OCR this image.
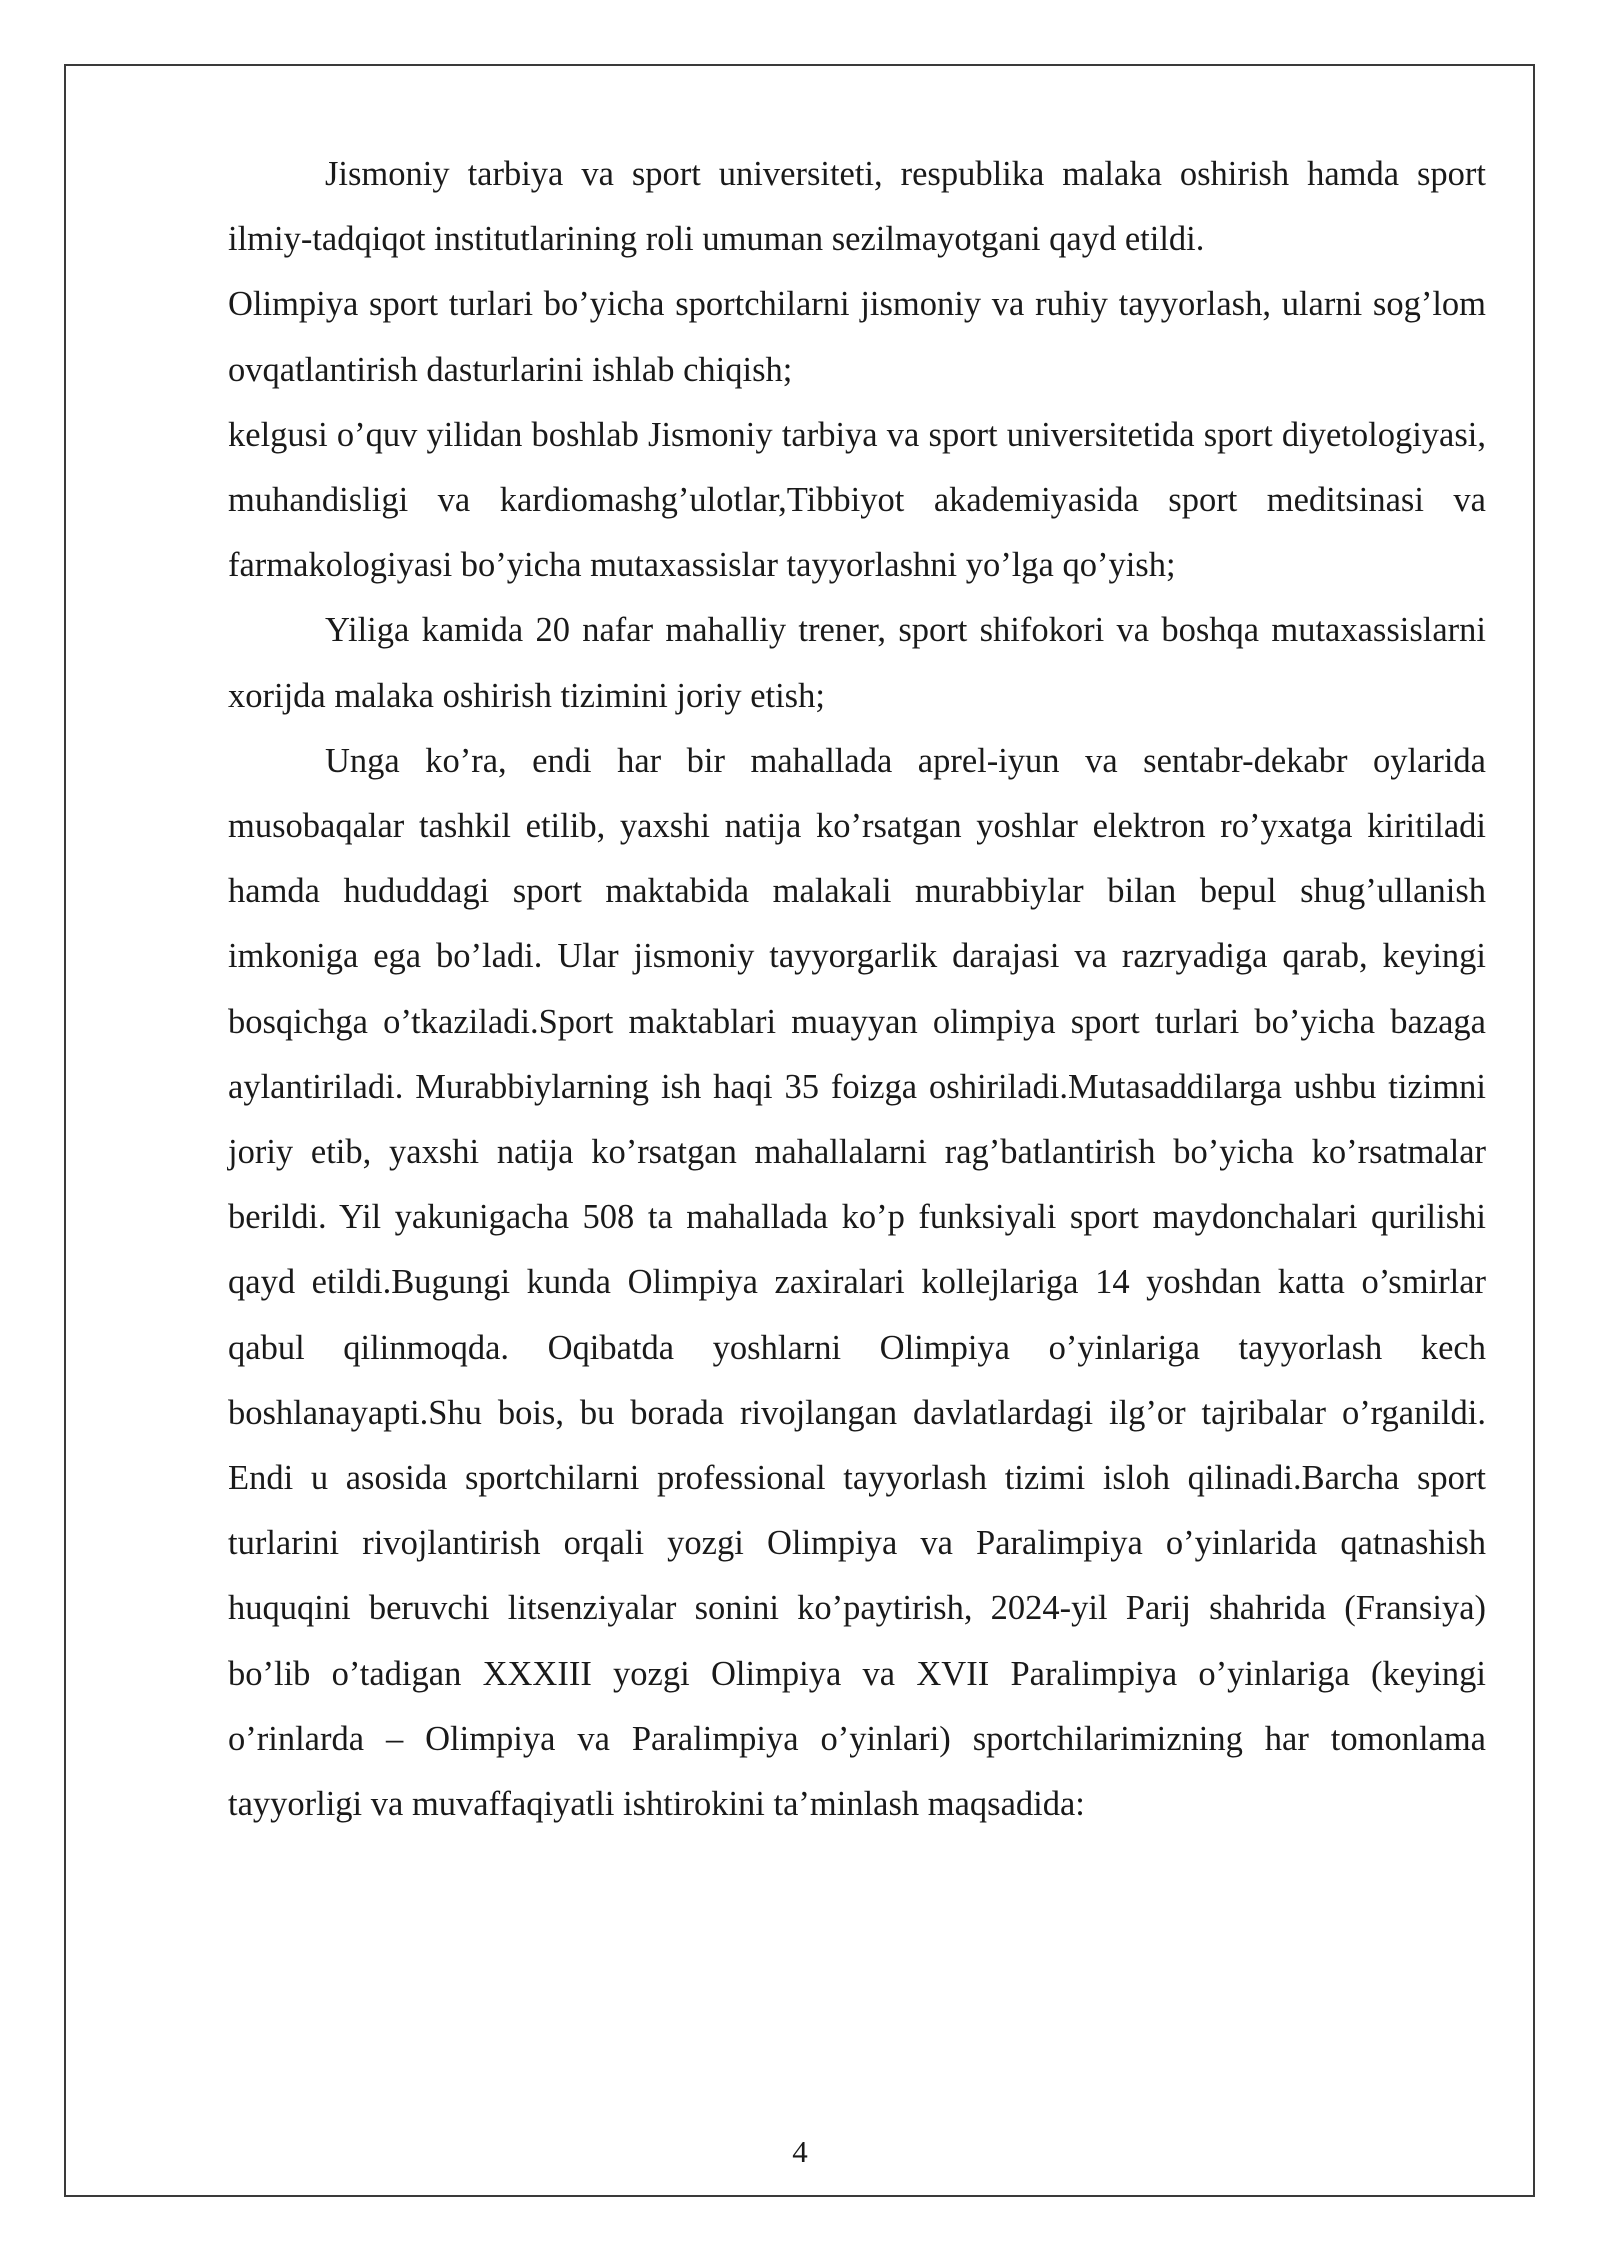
Jismoniy tarbiya va sport universiteti, respublika malaka oshirish hamda sport ilmiy-tadqiqot institutlarining roli umuman sezilmayotgani qayd etildi.

Olimpiya sport turlari bo’yicha sportchilarni jismoniy va ruhiy tayyorlash, ularni sog’lom ovqatlantirish dasturlarini ishlab chiqish;

kelgusi o’quv yilidan boshlab Jismoniy tarbiya va sport universitetida sport diyetologiyasi, muhandisligi va kardiomashg’ulotlar,Tibbiyot akademiyasida sport meditsinasi va farmakologiyasi bo’yicha mutaxassislar tayyorlashni yo’lga qo’yish;

Yiliga kamida 20 nafar mahalliy trener, sport shifokori va boshqa mutaxassislarni xorijda malaka oshirish tizimini joriy etish;

Unga ko’ra, endi har bir mahallada aprel-iyun va sentabr-dekabr oylarida musobaqalar tashkil etilib, yaxshi natija ko’rsatgan yoshlar elektron ro’yxatga kiritiladi hamda hududdagi sport maktabida malakali murabbiylar bilan bepul shug’ullanish imkoniga ega bo’ladi. Ular jismoniy tayyorgarlik darajasi va razryadiga qarab, keyingi bosqichga o’tkaziladi.Sport maktablari muayyan olimpiya sport turlari bo’yicha bazaga aylantiriladi. Murabbiylarning ish haqi 35 foizga oshiriladi.Mutasaddilarga ushbu tizimni joriy etib, yaxshi natija ko’rsatgan mahallalarni rag’batlantirish bo’yicha ko’rsatmalar berildi. Yil yakunigacha 508 ta mahallada ko’p funksiyali sport maydonchalari qurilishi qayd etildi.Bugungi kunda Olimpiya zaxiralari kollejlariga 14 yoshdan katta o’smirlar qabul qilinmoqda. Oqibatda yoshlarni Olimpiya o’yinlariga tayyorlash kech boshlanayapti.Shu bois, bu borada rivojlangan davlatlardagi ilg’or tajribalar o’rganildi. Endi u asosida sportchilarni professional tayyorlash tizimi isloh qilinadi.Barcha sport turlarini rivojlantirish orqali yozgi Olimpiya va Paralimpiya o’yinlarida qatnashish huquqini beruvchi litsenziyalar sonini ko’paytirish, 2024-yil Parij shahrida (Fransiya) bo’lib o’tadigan XXXIII yozgi Olimpiya va XVII Paralimpiya o’yinlariga (keyingi o’rinlarda – Olimpiya va Paralimpiya o’yinlari) sportchilarimizning har tomonlama tayyorligi va muvaffaqiyatli ishtirokini ta’minlash maqsadida:

4
